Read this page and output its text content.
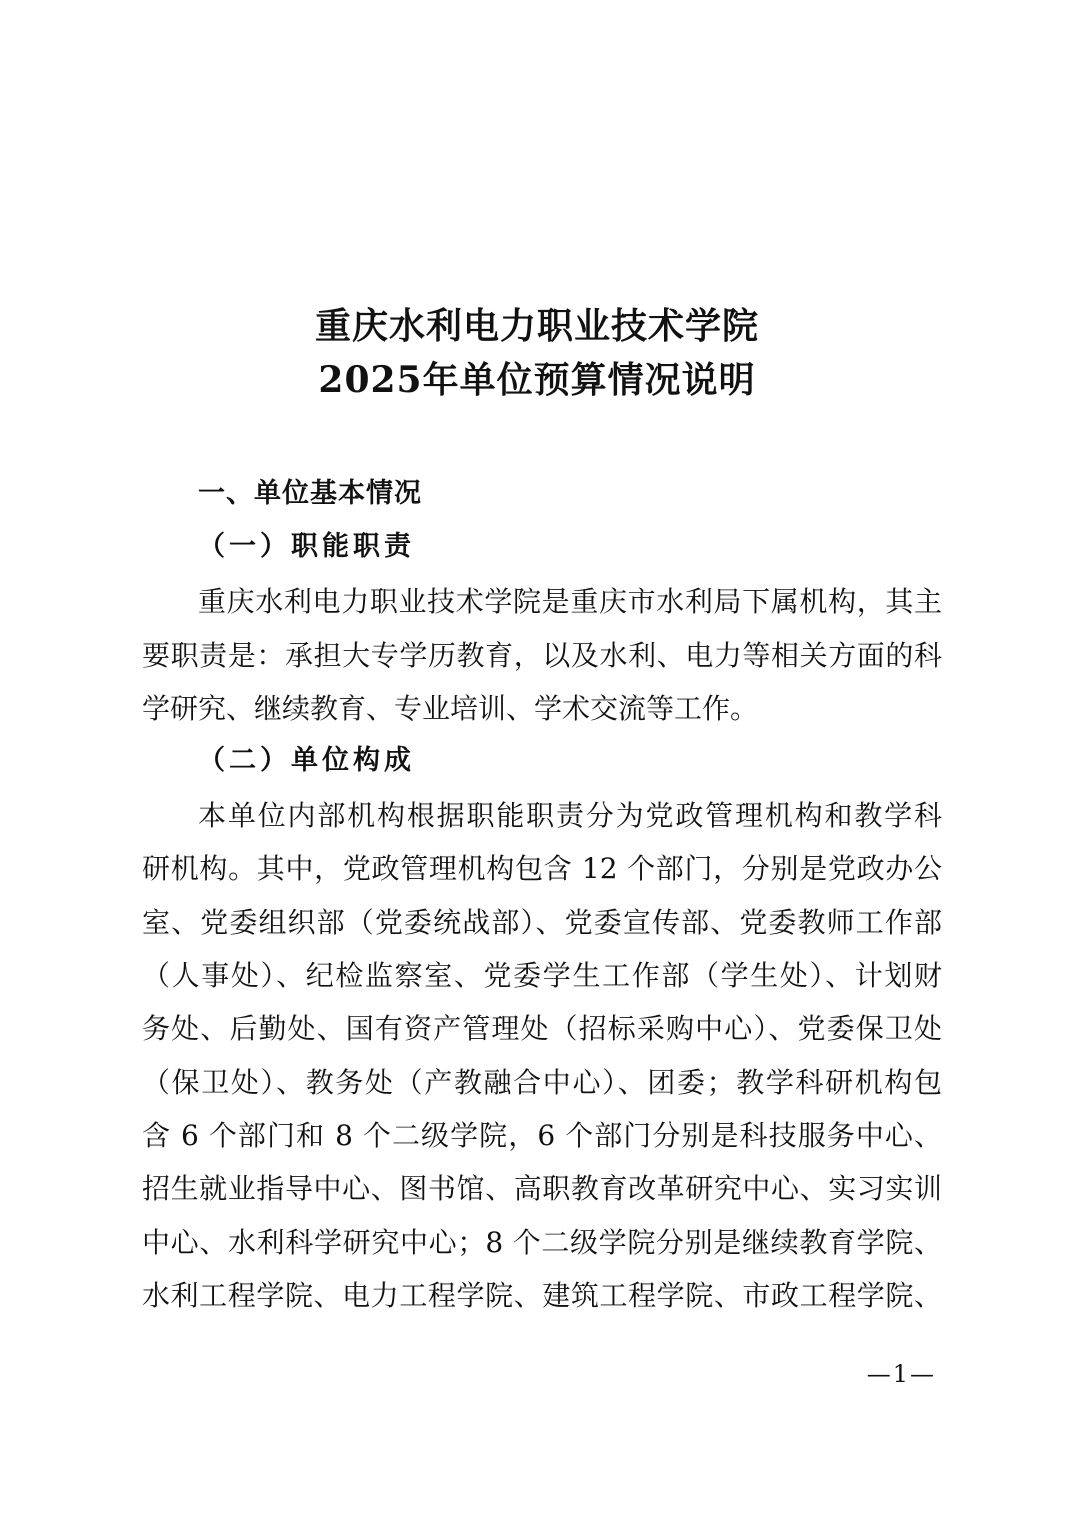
重庆水利电力职业技术学院
2025年单位预算情况说明
一、单位基本情况
（一）职能职责

重庆水利电力职业技术学院是重庆市水利局下属机构，其主

要职责是：承担大专学历教育，以及水利、电力等相关方面的科

学研究、继续教育、专业培训、学术交流等工作。

（二）单位构成

本单位内部机构根据职能职责分为党政管理机构和教学科

研机构。其中，党政管理机构包含 12 个部门，分别是党政办公

室、党委组织部（党委统战部）、党委宣传部、党委教师工作部

（人事处）、纪检监察室、党委学生工作部（学生处）、计划财

务处、后勤处、国有资产管理处（招标采购中心）、党委保卫处

（保卫处）、教务处（产教融合中心）、团委；教学科研机构包

含 6 个部门和 8 个二级学院，6 个部门分别是科技服务中心、

招生就业指导中心、图书馆、高职教育改革研究中心、实习实训

中心、水利科学研究中心；8 个二级学院分别是继续教育学院、

水利工程学院、电力工程学院、建筑工程学院、市政工程学院、

—1—
